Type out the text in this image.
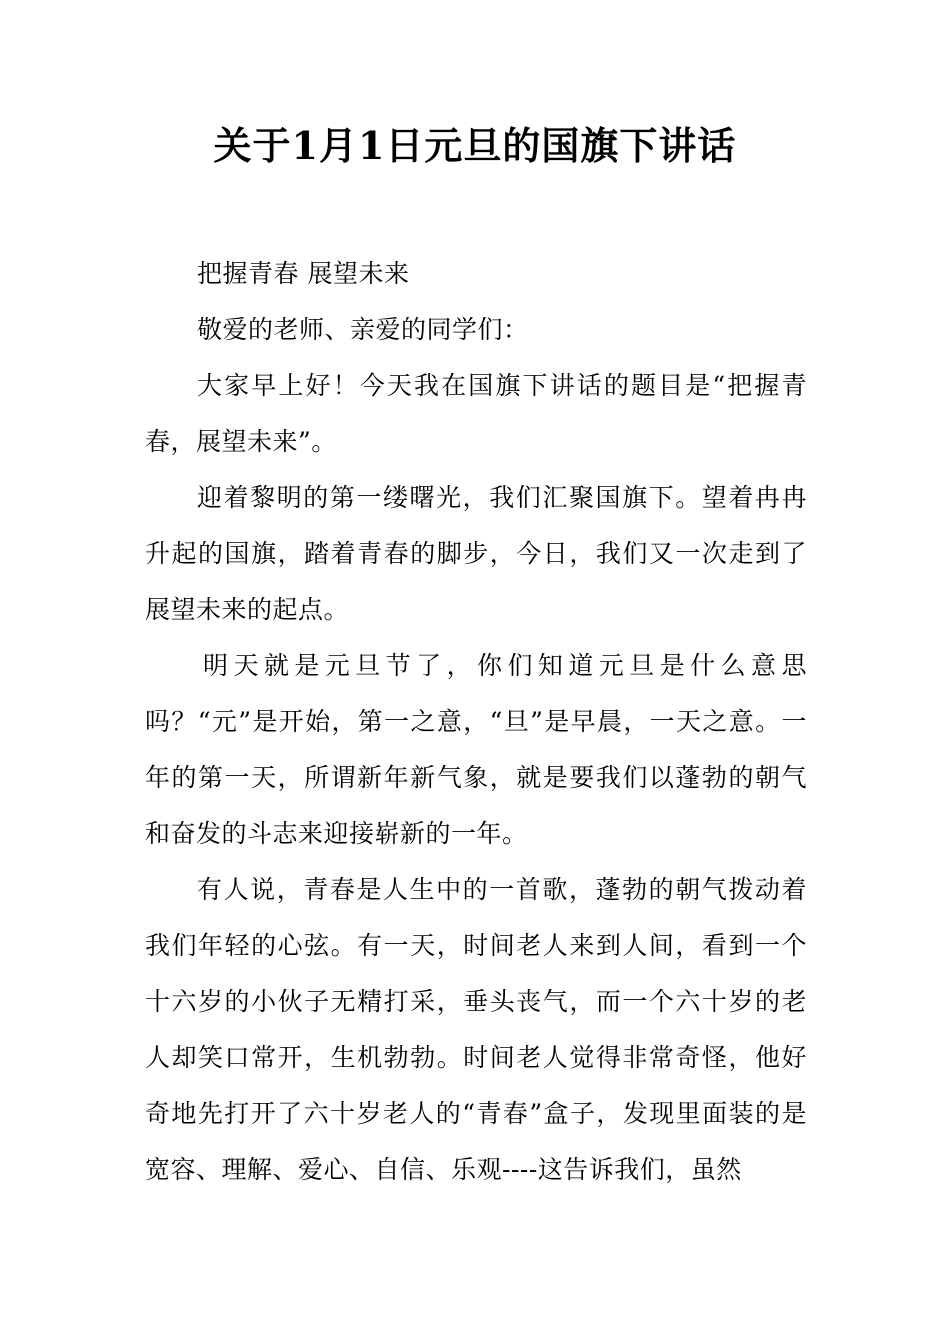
关于1月1日元旦的国旗下讲话

把握青春 展望未来

敬爱的老师、亲爱的同学们：

大家早上好！今天我在国旗下讲话的题目是“把握青春，展望未来”。

迎着黎明的第一缕曙光，我们汇聚国旗下。望着冉冉升起的国旗，踏着青春的脚步，今日，我们又一次走到了展望未来的起点。

明天就是元旦节了，你们知道元旦是什么意思吗？“元”是开始，第一之意，“旦”是早晨，一天之意。一年的第一天，所谓新年新气象，就是要我们以蓬勃的朝气和奋发的斗志来迎接崭新的一年。

有人说，青春是人生中的一首歌，蓬勃的朝气拨动着我们年轻的心弦。有一天，时间老人来到人间，看到一个十六岁的小伙子无精打采，垂头丧气，而一个六十岁的老人却笑口常开，生机勃勃。时间老人觉得非常奇怪，他好奇地先打开了六十岁老人的“青春”盒子，发现里面装的是宽容、理解、爱心、自信、乐观----这告诉我们，虽然
